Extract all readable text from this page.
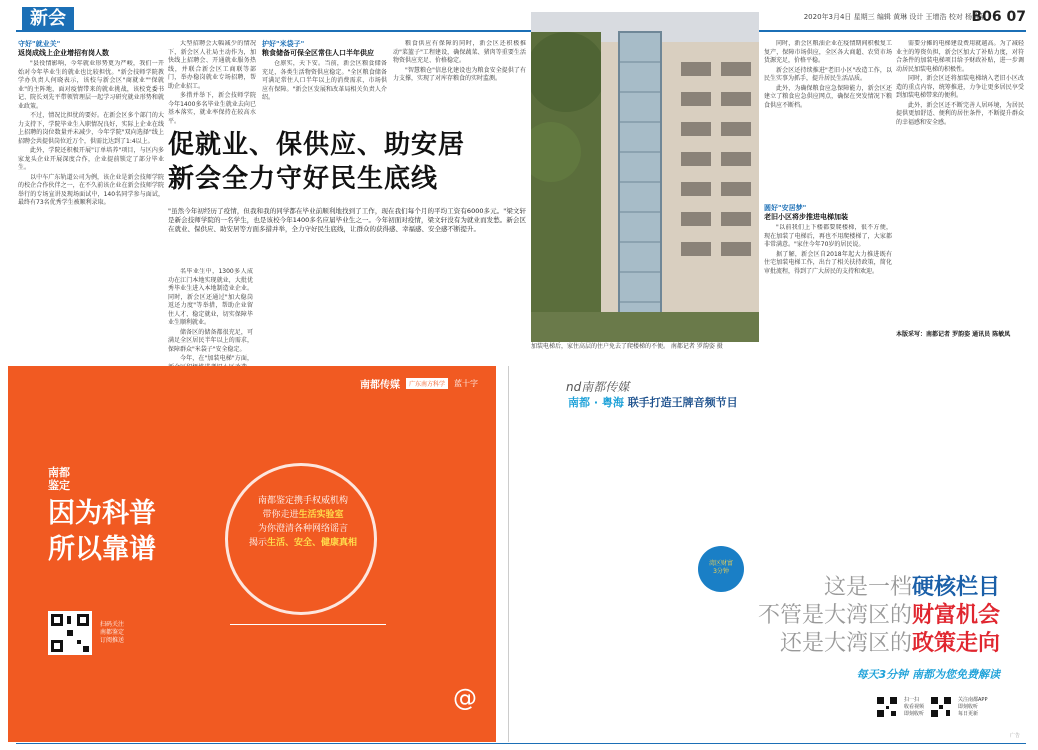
新会	2020年3月4日 星期三 编辑 黄琳 设计 王增浩 校对 杨洁菡
B06 07
守好"就业关"
返岗成线上企业增招有岗人数

"县役情影响，今年就业形势更为严峻，我们一开始对今年毕业生的就业也比较担忧。"新会技师学院教学办负责人何晓表示，该校与新会区"商就业""保就业"的主阵地，面对疫情带来的就业挑战，该校党委书记、院长刘先平带领管理层一起学习研究就业形势和就业政策。

不过，情况比担忧的要好。在新会区多个部门的大力支持下，学院毕业生入职情况良好，实际上企业在线上招聘的岗位数量并未减少，今年学院"双向选择"线上招聘会共提供岗位近万个，供需比达到了1:4以上。

此外，学院还积极开展"订单培养"项目，与区内多家龙头企业开展深度合作，企业提前锁定了部分毕业生。

以中车广东轨道公司为例，该企业是新会技师学院的校企合作伙伴之一，在不久前该企业在新会技师学院举行的专场宣讲及现场面试中，140名同学参与面试，最终有73名优秀学生被顺利录取。

大型招聘会大幅减少的情况下，新会区人社局主动作为，加快线上招聘会、开通就业服务热线，并联合新会区工商联等部门，举办稳岗就业专场招聘，帮助企业招工。

多措并举下，新会技师学院今年1400多名毕业生就业去向已基本落实，就业率保持在较高水平。

护好"米袋子"
粮食储备可保全区常住人口半年供应

仓廪实，天下安。当前，新会区粮食储备充足，各类生活物资供应稳定。"全区粮食储备可满足常住人口半年以上的消费需求，市场供应有保障。"新会区发展和改革局相关负责人介绍。

粮食供应有保障的同时，新会区还积极推动"菜篮子"工程建设，确保蔬菜、猪肉等重要生活物资供应充足、价格稳定。

"智慧粮仓"信息化建设也为粮食安全提供了有力支撑，实现了对库存粮食的实时监测。

促就业、保供应、助安居
新会全力守好民生底线
"虽然今年初经历了疫情，但我和我的同学都在毕业前顺利地找到了工作，现在我们每个月的平均工资有6000多元。"梁文轩是新会技师学院的一名学生，也是该校今年1400多名应届毕业生之一。今年初面对疫情，梁文轩没有为就业而发愁。新会区在就业、保供应、助安居等方面多措并举，全力守好民生底线，让群众的获得感、幸福感、安全感不断提升。

名毕业生中，1300多人成功在江门本地实现就业，大批优秀毕业生进入本地制造业企业。同时，新会区还通过"加大稳岗返还力度"等举措，帮助企业留住人才、稳定就业，切实保障毕业生顺利就业。

储备区的储备都很充足，可满足全区居民半年以上的需求，保障群众"米袋子"安全稳定。

今年，在"加装电梯"方面，

加装电梯后，家住高层的住户免去了爬楼梯的不便。 南都记者 罗韵姿 摄

同时，新会区粮油企业在疫情期间积极复工复产，保障市场供应，全区各大商超、农贸市场货源充足，价格平稳。

新会区还持续推进"老旧小区"改造工作，以民生实事为抓手，提升居民生活品质。

此外，为确保粮食应急保障能力，新会区还建立了粮食应急供应网点，确保在突发情况下粮食供应不断档。

圆好"安居梦"
老旧小区将步推进电梯加装

"以前我们上下楼都要爬楼梯，很不方便，现在加装了电梯后，再也不用爬楼梯了，大家都非常满意。"家住今年70岁的居民说。

据了解，新会区自2018年起大力推进既有住宅加装电梯工作，出台了相关扶持政策，简化审批流程，得到了广大居民的支持和欢迎。

需要分摊的电梯建设费用就越高。为了减轻业主的筹资负担，新会区加大了补贴力度，对符合条件的加装电梯项目给予财政补贴，进一步调动居民加装电梯的积极性。

同时，新会区还将加装电梯纳入老旧小区改造的重点内容，统筹推进，力争让更多居民享受到加装电梯带来的便利。

此外，新会区还不断完善人居环境，为居民提供更加舒适、便利的居住条件，不断提升群众的幸福感和安全感。

本版采写：南都记者 罗韵姿 通讯员 陈敏凤
南都传媒	广东南方科学	蓝十字
南都
鉴定
因为科普
所以靠谱
扫码关注
南都鉴定
订阅推送
南都鉴定携手权威机构
带你走进生活实验室
为你澄清各种网络谣言
揭示生活、安全、健康真相
@
nd南都传媒
南都 · 粤海 联手打造王牌音频节目
湾区财富
3分钟
这是一档硬核栏目
不管是大湾区的财富机会
还是大湾区的政策走向
每天3分钟 南都为您免费解读
扫一扫
收看视频
即刻收听
关注南都APP
即刻收听
每日更新
广告
